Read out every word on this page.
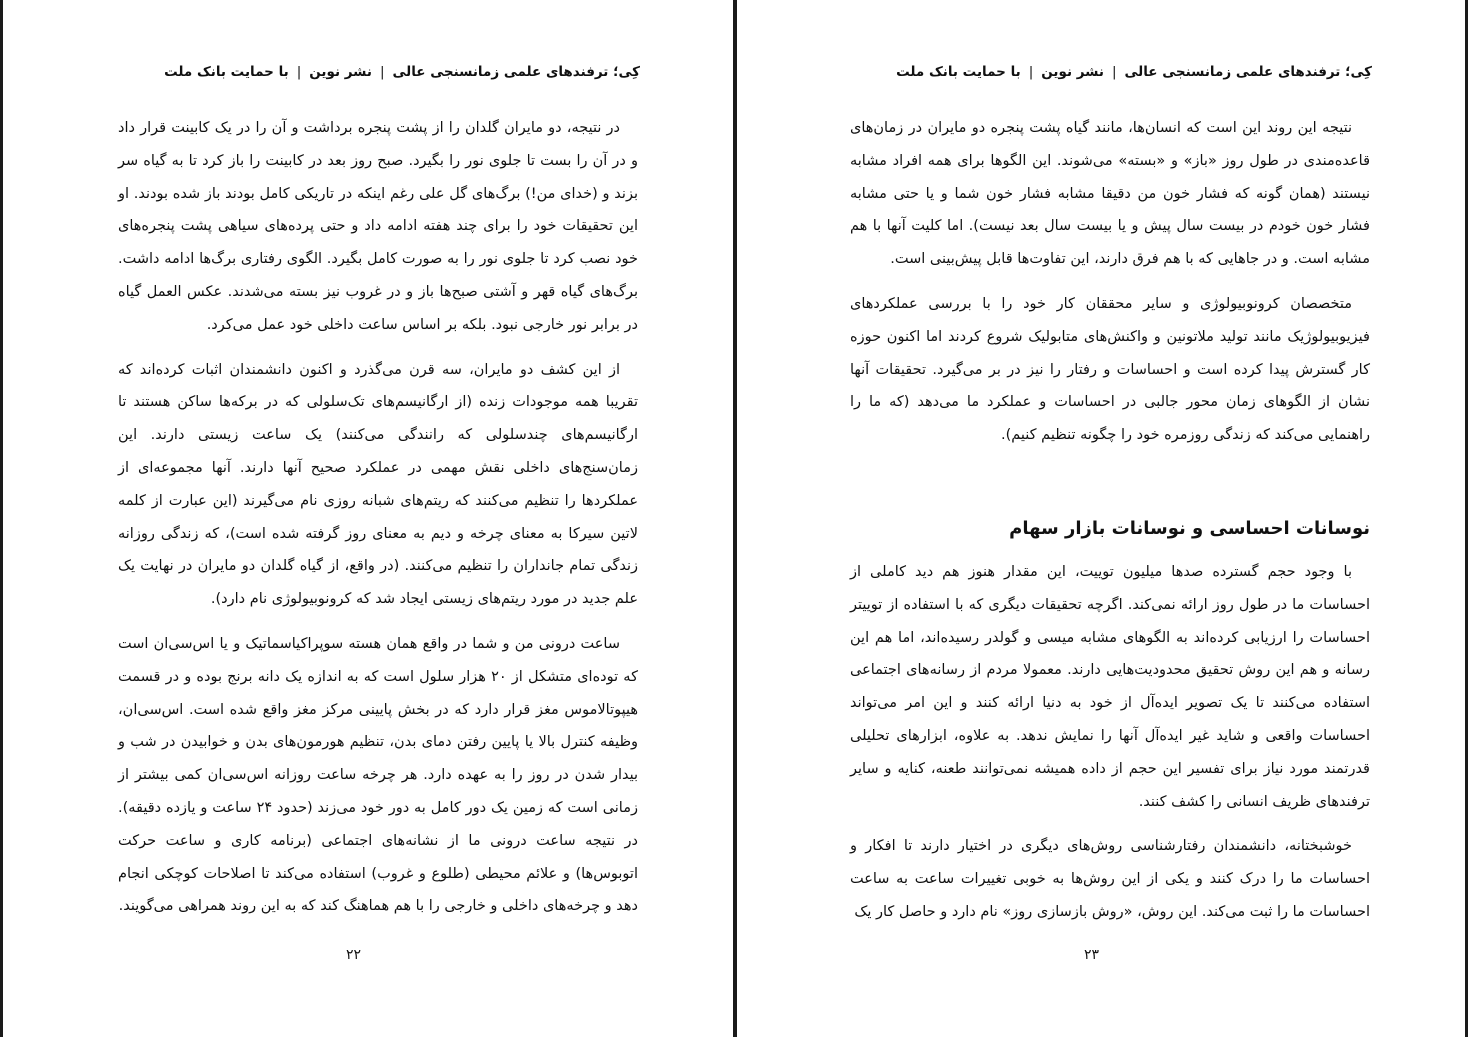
کِی؛ ترفندهای علمی زمانسنجی عالی|نشر نوین|با حمایت بانک ملت

در نتیجه، دو مایران گلدان را از پشت پنجره برداشت و آن را در یک کابینت قرار داد و در آن را بست تا جلوی نور را بگیرد. صبح روز بعد در کابینت را باز کرد تا به گیاه سر بزند و (خدای من!) برگ‌های گل علی رغم اینکه در تاریکی کامل بودند باز شده بودند. او این تحقیقات خود را برای چند هفته ادامه داد و حتی پرده‌های سیاهی پشت پنجره‌های خود نصب کرد تا جلوی نور را به صورت کامل بگیرد. الگوی رفتاری برگ‌ها ادامه داشت. برگ‌های گیاه قهر و آشتی صبح‌ها باز و در غروب نیز بسته می‌شدند. عکس العمل گیاه در برابر نور خارجی نبود. بلکه بر اساس ساعت داخلی خود عمل می‌کرد.

از این کشف دو مایران، سه قرن می‌گذرد و اکنون دانشمندان اثبات کرده‌اند که تقریبا همه موجودات زنده (از ارگانیسم‌های تک‌سلولی که در برکه‌ها ساکن هستند تا ارگانیسم‌های چندسلولی که رانندگی می‌کنند) یک ساعت زیستی دارند. این زمان‌سنج‌های داخلی نقش مهمی در عملکرد صحیح آنها دارند. آنها مجموعه‌ای از عملکردها را تنظیم می‌کنند که ریتم‌های شبانه روزی نام می‌گیرند (این عبارت از کلمه لاتین سیرکا به معنای چرخه و دیم به معنای روز گرفته شده است)، که زندگی روزانه زندگی تمام جانداران را تنظیم می‌کنند. (در واقع، از گیاه گلدان دو مایران در نهایت یک علم جدید در مورد ریتم‌های زیستی ایجاد شد که کرونوبیولوژی نام دارد).

ساعت درونی من و شما در واقع همان هسته سوپراکیاسماتیک و یا اس‌سی‌ان است که توده‌ای متشکل از ۲۰ هزار سلول است که به اندازه یک دانه برنج بوده و در قسمت هیپوتالاموس مغز قرار دارد که در بخش پایینی مرکز مغز واقع شده است. اس‌سی‌ان، وظیفه کنترل بالا یا پایین رفتن دمای بدن، تنظیم هورمون‌های بدن و خوابیدن در شب و بیدار شدن در روز را به عهده دارد. هر چرخه ساعت روزانه اس‌سی‌ان کمی بیشتر از زمانی است که زمین یک دور کامل به دور خود می‌زند (حدود ۲۴ ساعت و یازده دقیقه). در نتیجه ساعت درونی ما از نشانه‌های اجتماعی (برنامه کاری و ساعت حرکت اتوبوس‌ها) و علائم محیطی (طلوع و غروب) استفاده می‌کند تا اصلاحات کوچکی انجام دهد و چرخه‌های داخلی و خارجی را با هم هماهنگ کند که به این روند همراهی می‌گویند.

۲۲
کِی؛ ترفندهای علمی زمانسنجی عالی|نشر نوین|با حمایت بانک ملت

نتیجه این روند این است که انسان‌ها، مانند گیاه پشت پنجره دو مایران در زمان‌های قاعده‌مندی در طول روز «باز» و «بسته» می‌شوند. این الگوها برای همه افراد مشابه نیستند (همان گونه که فشار خون من دقیقا مشابه فشار خون شما و یا حتی مشابه فشار خون خودم در بیست سال پیش و یا بیست سال بعد نیست). اما کلیت آنها با هم مشابه است. و در جاهایی که با هم فرق دارند، این تفاوت‌ها قابل پیش‌بینی است.

متخصصان کرونوبیولوژی و سایر محققان کار خود را با بررسی عملکردهای فیزیوبیولوژیک مانند تولید ملاتونین و واکنش‌های متابولیک شروع کردند اما اکنون حوزه کار گسترش پیدا کرده است و احساسات و رفتار را نیز در بر می‌گیرد. تحقیقات آنها نشان از الگوهای زمان محور جالبی در احساسات و عملکرد ما می‌دهد (که ما را راهنمایی می‌کند که زندگی روزمره خود را چگونه تنظیم کنیم).

نوسانات احساسی و نوسانات بازار سهام

با وجود حجم گسترده صدها میلیون توییت، این مقدار هنوز هم دید کاملی از احساسات ما در طول روز ارائه نمی‌کند. اگرچه تحقیقات دیگری که با استفاده از توییتر احساسات را ارزیابی کرده‌اند به الگوهای مشابه میسی و گولدر رسیده‌اند، اما هم این رسانه و هم این روش تحقیق محدودیت‌هایی دارند. معمولا مردم از رسانه‌های اجتماعی استفاده می‌کنند تا یک تصویر ایده‌آل از خود به دنیا ارائه کنند و این امر می‌تواند احساسات واقعی و شاید غیر ایده‌آل آنها را نمایش ندهد. به علاوه، ابزارهای تحلیلی قدرتمند مورد نیاز برای تفسیر این حجم از داده همیشه نمی‌توانند طعنه، کنایه و سایر ترفندهای ظریف انسانی را کشف کنند.

خوشبختانه، دانشمندان رفتارشناسی روش‌های دیگری در اختیار دارند تا افکار و احساسات ما را درک کنند و یکی از این روش‌ها به خوبی تغییرات ساعت به ساعت احساسات ما را ثبت می‌کند. این روش، «روش بازسازی روز» نام دارد و حاصل کار یک

۲۳
